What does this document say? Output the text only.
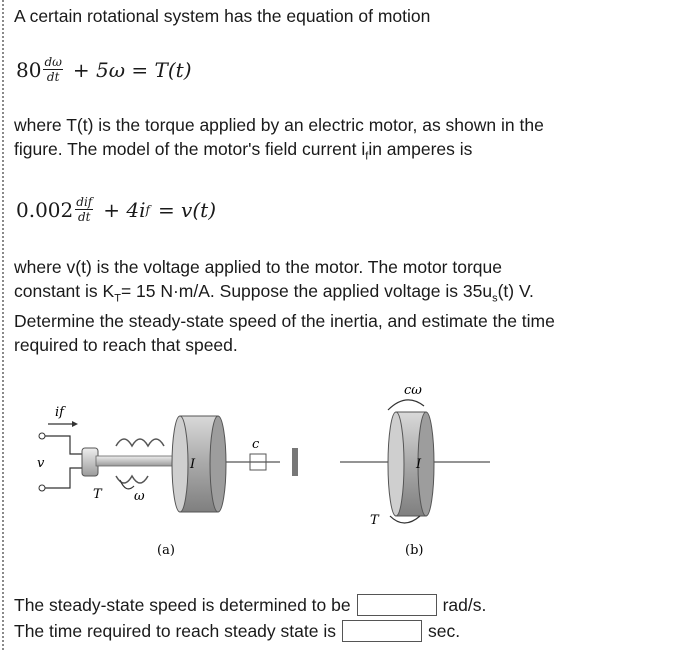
A certain rotational system has the equation of motion

$80 \frac{d\omega}{dt} + 5\omega = T(t)$

where T(t) is the torque applied by an electric motor, as shown in the

figure. The model of the motor's field current $i_fin$ amperes is

$0.002 \frac{\text{dif}}{dt} + 4i$ f = v(t)

where v(t) is the voltage applied to the motor. The motor torque

constant is $K_T= 15$ N·m/A. Suppose the applied voltage is $35u_s(t)$ V.

Determine the steady-state speed of the inertia, and estimate the time

required to reach that speed.

if
v
T ω
I
c
(a)
I
cω
T
(b)
The steady-state speed is determined to be	rad/s.
The time required to reach steady state is	sec.
